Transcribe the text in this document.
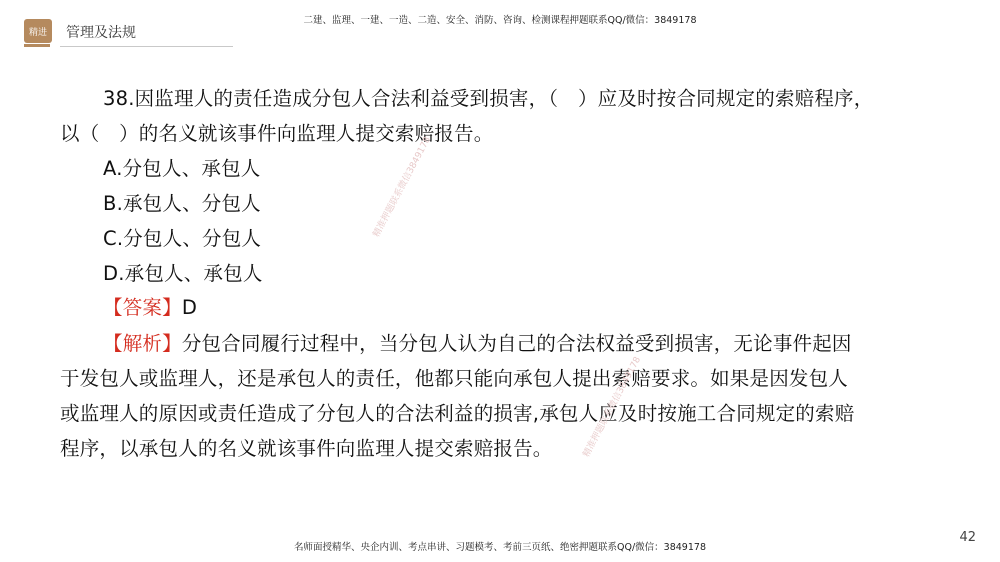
精进 管理及法规
二建、监理、一建、一造、二造、安全、消防、咨询、检测课程押题联系QQ/微信：3849178
38.因监理人的责任造成分包人合法利益受到损害，（　）应及时按合同规定的索赔程序，
以（　）的名义就该事件向监理人提交索赔报告。
A.分包人、承包人
B.承包人、分包人
C.分包人、分包人
D.承包人、承包人
【答案】D
【解析】分包合同履行过程中，当分包人认为自己的合法权益受到损害，无论事件起因
于发包人或监理人，还是承包人的责任，他都只能向承包人提出索赔要求。如果是因发包人
或监理人的原因或责任造成了分包人的合法利益的损害,承包人应及时按施工合同规定的索赔
程序，以承包人的名义就该事件向监理人提交索赔报告。
精准押题联系微信3849178
精准押题联系微信3849178
名师面授精华、央企内训、考点串讲、习题模考、考前三页纸、绝密押题联系QQ/微信：3849178
42
